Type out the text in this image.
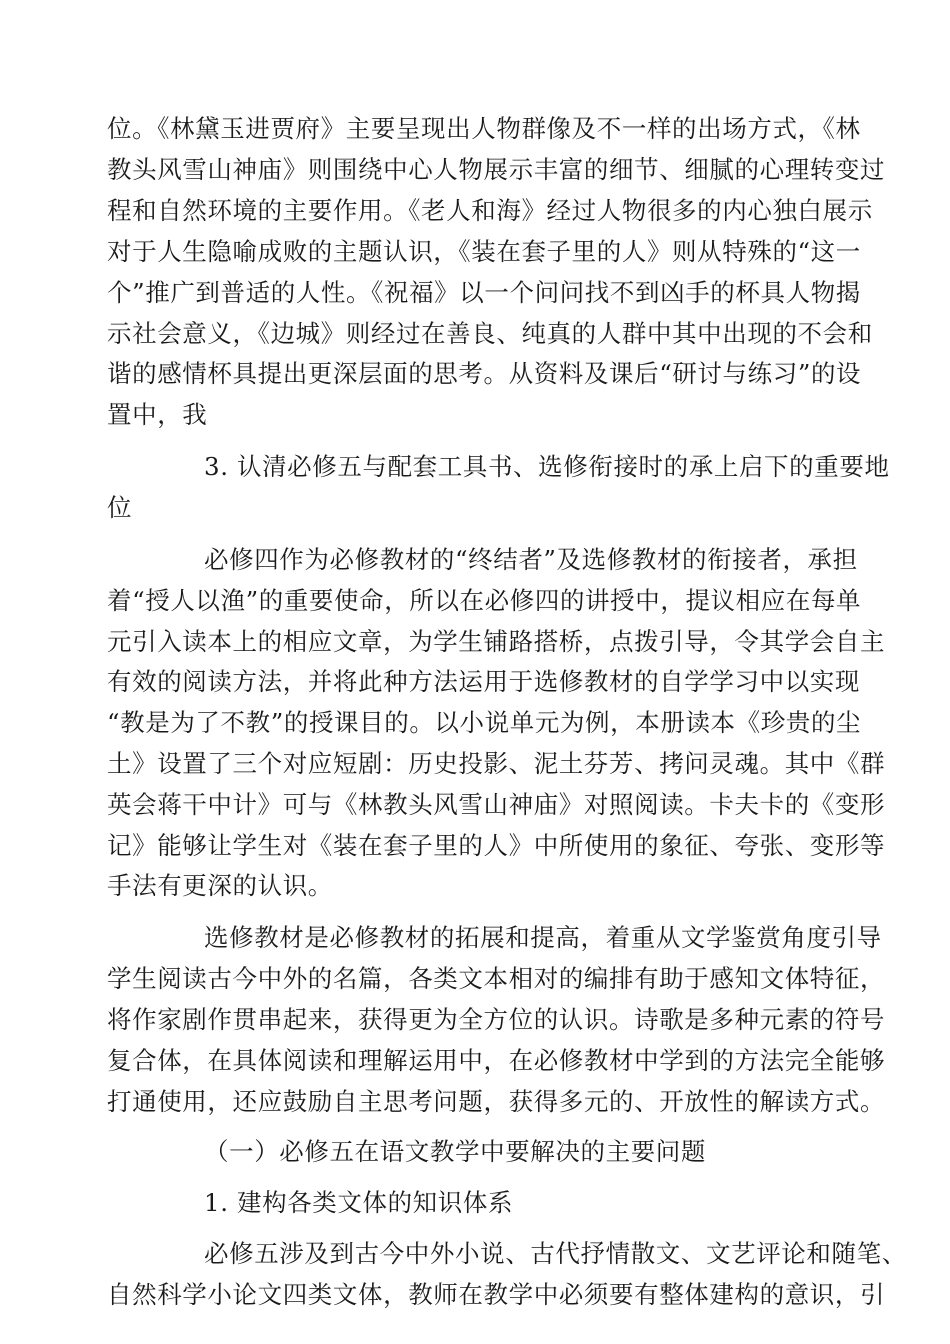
位。《林黛玉进贾府》主要呈现出人物群像及不一样的出场方式，《林
教头风雪山神庙》则围绕中心人物展示丰富的细节、细腻的心理转变过
程和自然环境的主要作用。《老人和海》经过人物很多的内心独白展示
对于人生隐喻成败的主题认识，《装在套子里的人》则从特殊的“这一
个”推广到普适的人性。《祝福》以一个问问找不到凶手的杯具人物揭
示社会意义，《边城》则经过在善良、纯真的人群中其中出现的不会和
谐的感情杯具提出更深层面的思考。从资料及课后“研讨与练习”的设
置中，我
3. 认清必修五与配套工具书、选修衔接时的承上启下的重要地
位
必修四作为必修教材的“终结者”及选修教材的衔接者，承担
着“授人以渔”的重要使命，所以在必修四的讲授中，提议相应在每单
元引入读本上的相应文章，为学生铺路搭桥，点拨引导，令其学会自主
有效的阅读方法，并将此种方法运用于选修教材的自学学习中以实现
“教是为了不教”的授课目的。以小说单元为例，本册读本《珍贵的尘
土》设置了三个对应短剧：历史投影、泥土芬芳、拷问灵魂。其中《群
英会蒋干中计》可与《林教头风雪山神庙》对照阅读。卡夫卡的《变形
记》能够让学生对《装在套子里的人》中所使用的象征、夸张、变形等
手法有更深的认识。
选修教材是必修教材的拓展和提高，着重从文学鉴赏角度引导
学生阅读古今中外的名篇，各类文本相对的编排有助于感知文体特征，
将作家剧作贯串起来，获得更为全方位的认识。诗歌是多种元素的符号
复合体，在具体阅读和理解运用中，在必修教材中学到的方法完全能够
打通使用，还应鼓励自主思考问题，获得多元的、开放性的解读方式。
（一）必修五在语文教学中要解决的主要问题
1. 建构各类文体的知识体系
必修五涉及到古今中外小说、古代抒情散文、文艺评论和随笔、
自然科学小论文四类文体，教师在教学中必须要有整体建构的意识，引
